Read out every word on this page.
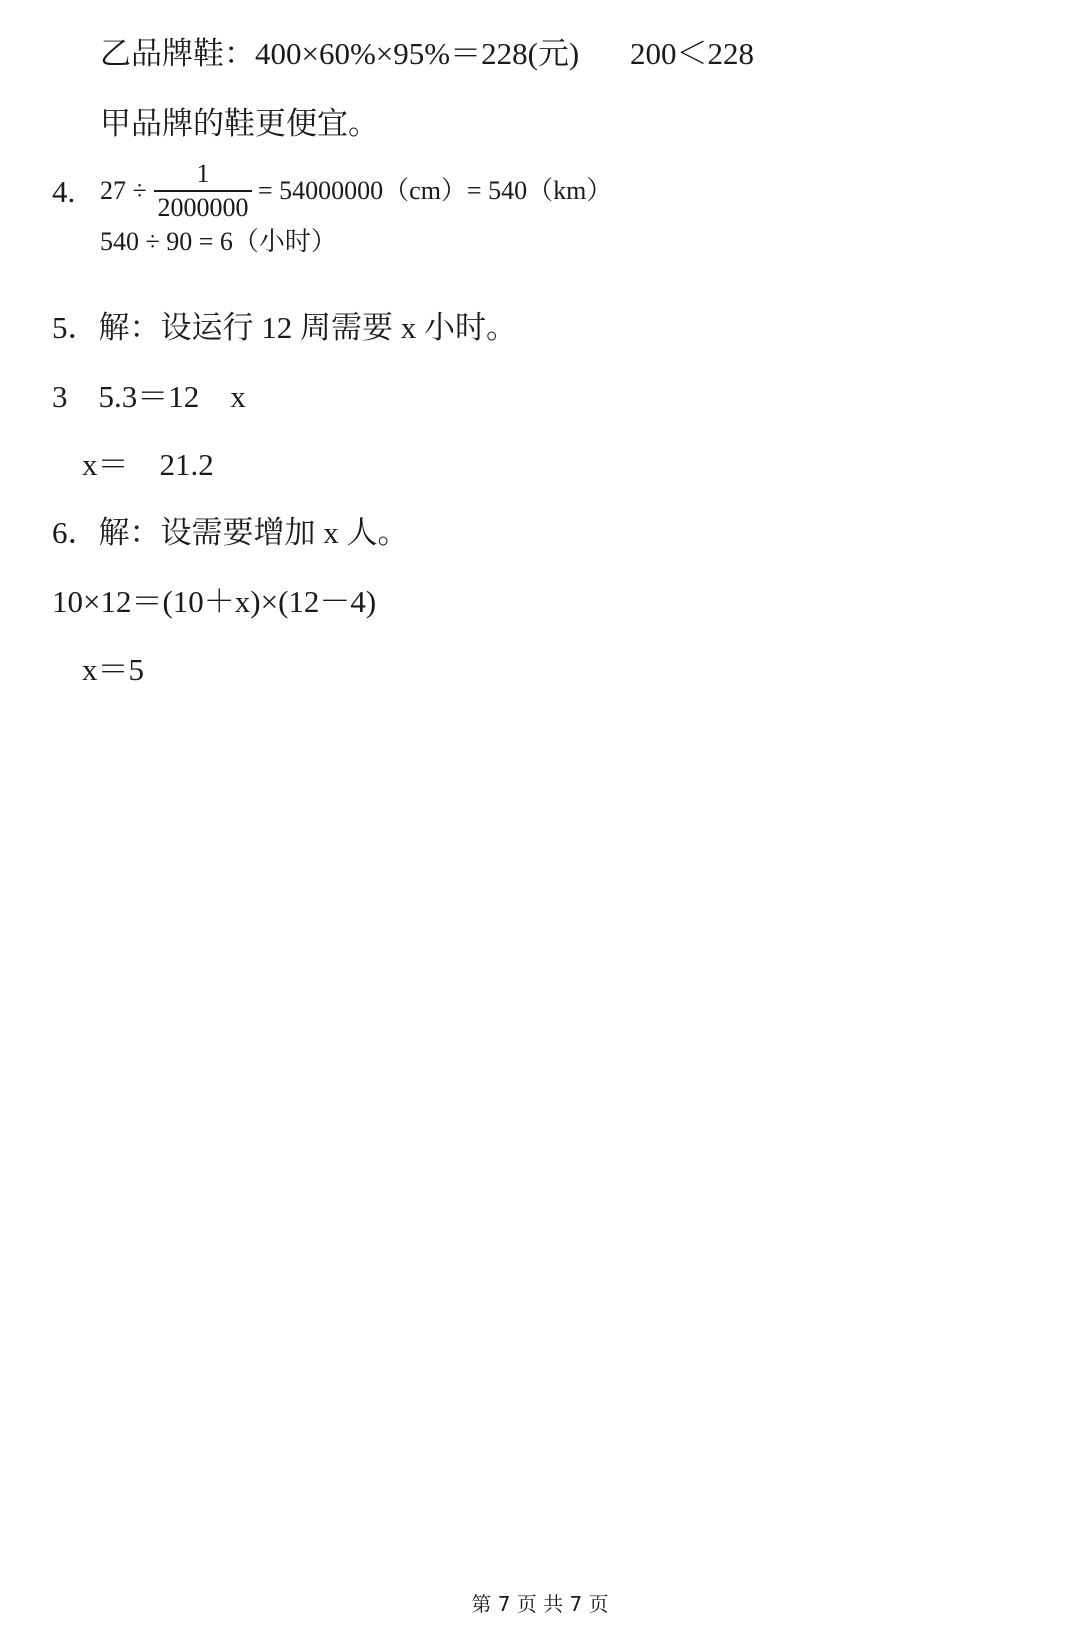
乙品牌鞋：400×60%×95%＝228(元) 200＜228
甲品牌的鞋更便宜。
4. 27 ÷
1
2000000
= 54000000（cm）= 540（km）
540 ÷ 90 = 6（小时）
5．解：设运行 12 周需要 x 小时。
3　5.3＝12　x
x＝　21.2
6．解：设需要增加 x 人。
10×12＝(10＋x)×(12－4)
x＝5
第 7 页 共 7 页
